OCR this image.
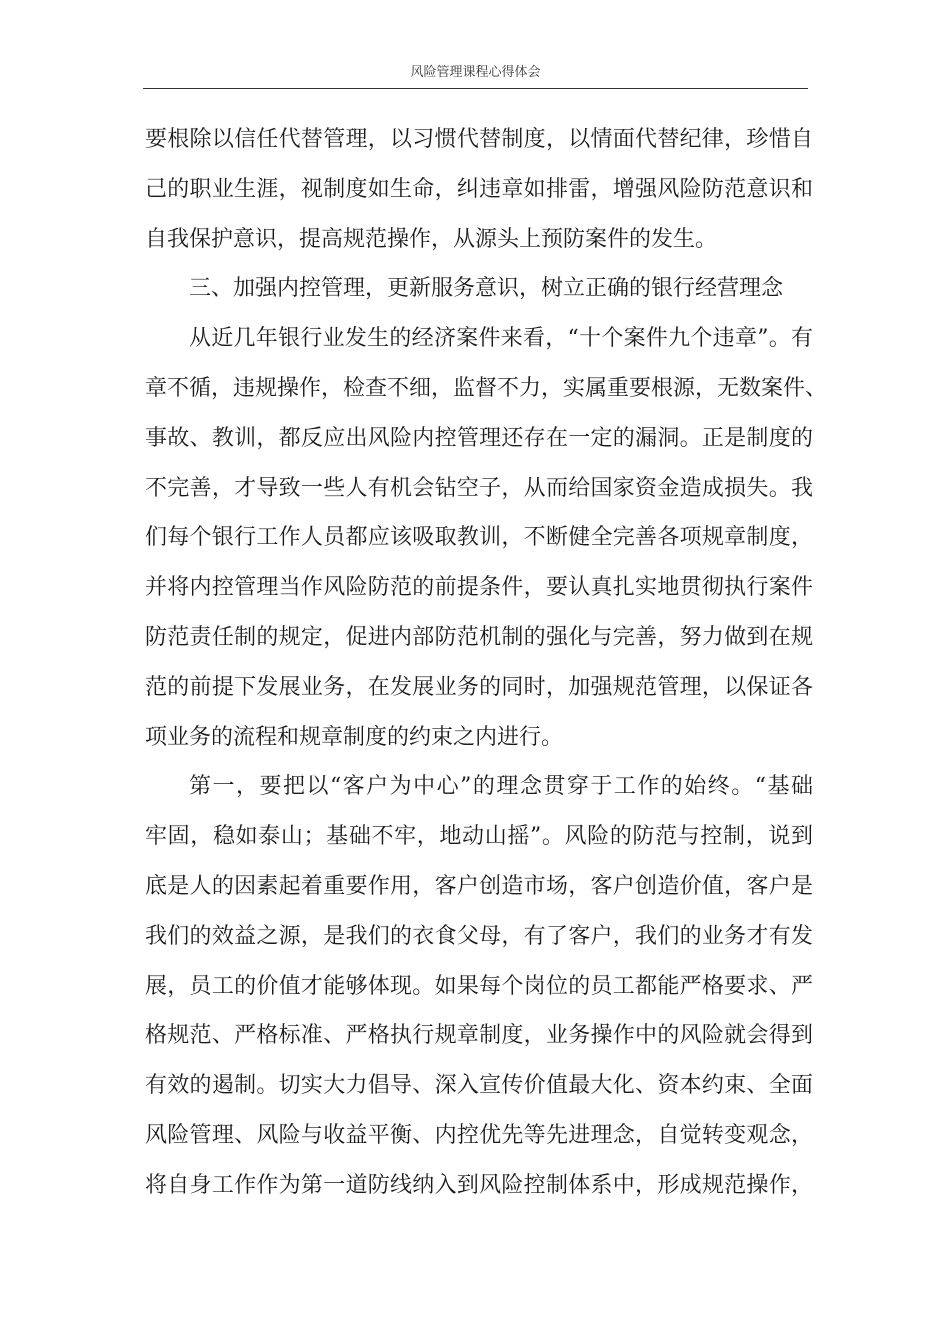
风险管理课程心得体会
要根除以信任代替管理，以习惯代替制度，以情面代替纪律，珍惜自
己的职业生涯，视制度如生命，纠违章如排雷，增强风险防范意识和
自我保护意识，提高规范操作，从源头上预防案件的发生。
三、加强内控管理，更新服务意识，树立正确的银行经营理念
从近几年银行业发生的经济案件来看，“十个案件九个违章”。有
章不循，违规操作，检查不细，监督不力，实属重要根源，无数案件、
事故、教训，都反应出风险内控管理还存在一定的漏洞。正是制度的
不完善，才导致一些人有机会钻空子，从而给国家资金造成损失。我
们每个银行工作人员都应该吸取教训，不断健全完善各项规章制度，
并将内控管理当作风险防范的前提条件，要认真扎实地贯彻执行案件
防范责任制的规定，促进内部防范机制的强化与完善，努力做到在规
范的前提下发展业务，在发展业务的同时，加强规范管理，以保证各
项业务的流程和规章制度的约束之内进行。
第一，要把以“客户为中心”的理念贯穿于工作的始终。“基础
牢固，稳如泰山；基础不牢，地动山摇”。风险的防范与控制，说到
底是人的因素起着重要作用，客户创造市场，客户创造价值，客户是
我们的效益之源，是我们的衣食父母，有了客户，我们的业务才有发
展，员工的价值才能够体现。如果每个岗位的员工都能严格要求、严
格规范、严格标准、严格执行规章制度，业务操作中的风险就会得到
有效的遏制。切实大力倡导、深入宣传价值最大化、资本约束、全面
风险管理、风险与收益平衡、内控优先等先进理念，自觉转变观念，
将自身工作作为第一道防线纳入到风险控制体系中，形成规范操作，
